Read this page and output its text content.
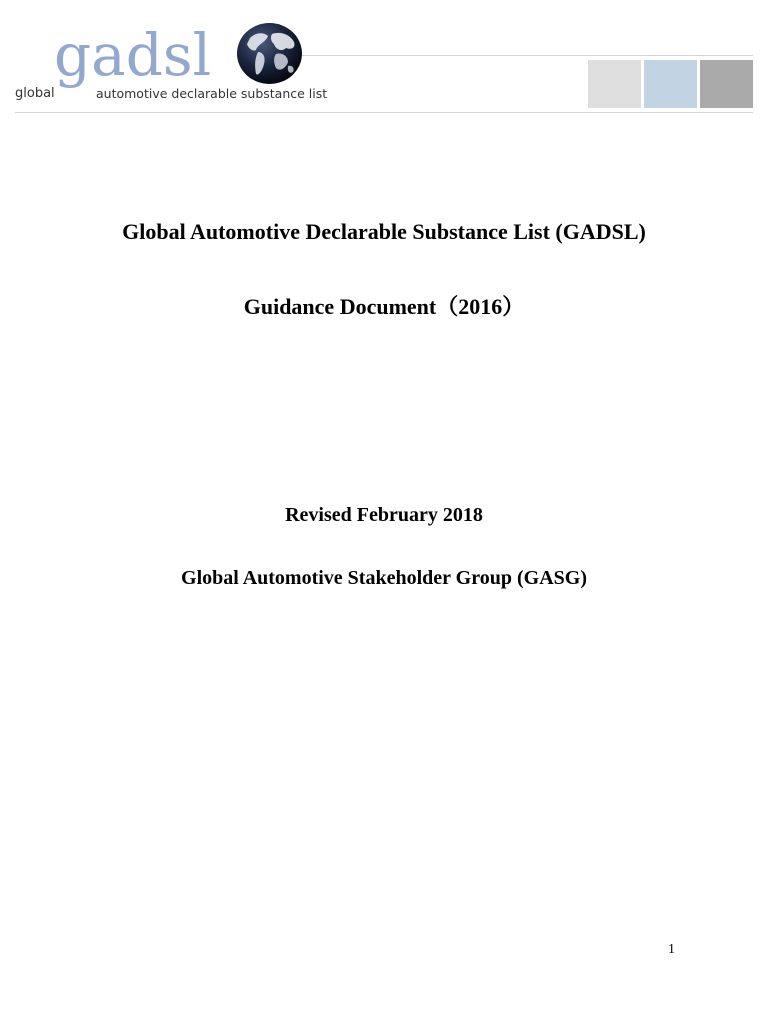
gadsl
global	automotive declarable substance list
Global Automotive Declarable Substance List (GADSL)
Guidance Document（2016）
Revised February 2018
Global Automotive Stakeholder Group (GASG)
1
